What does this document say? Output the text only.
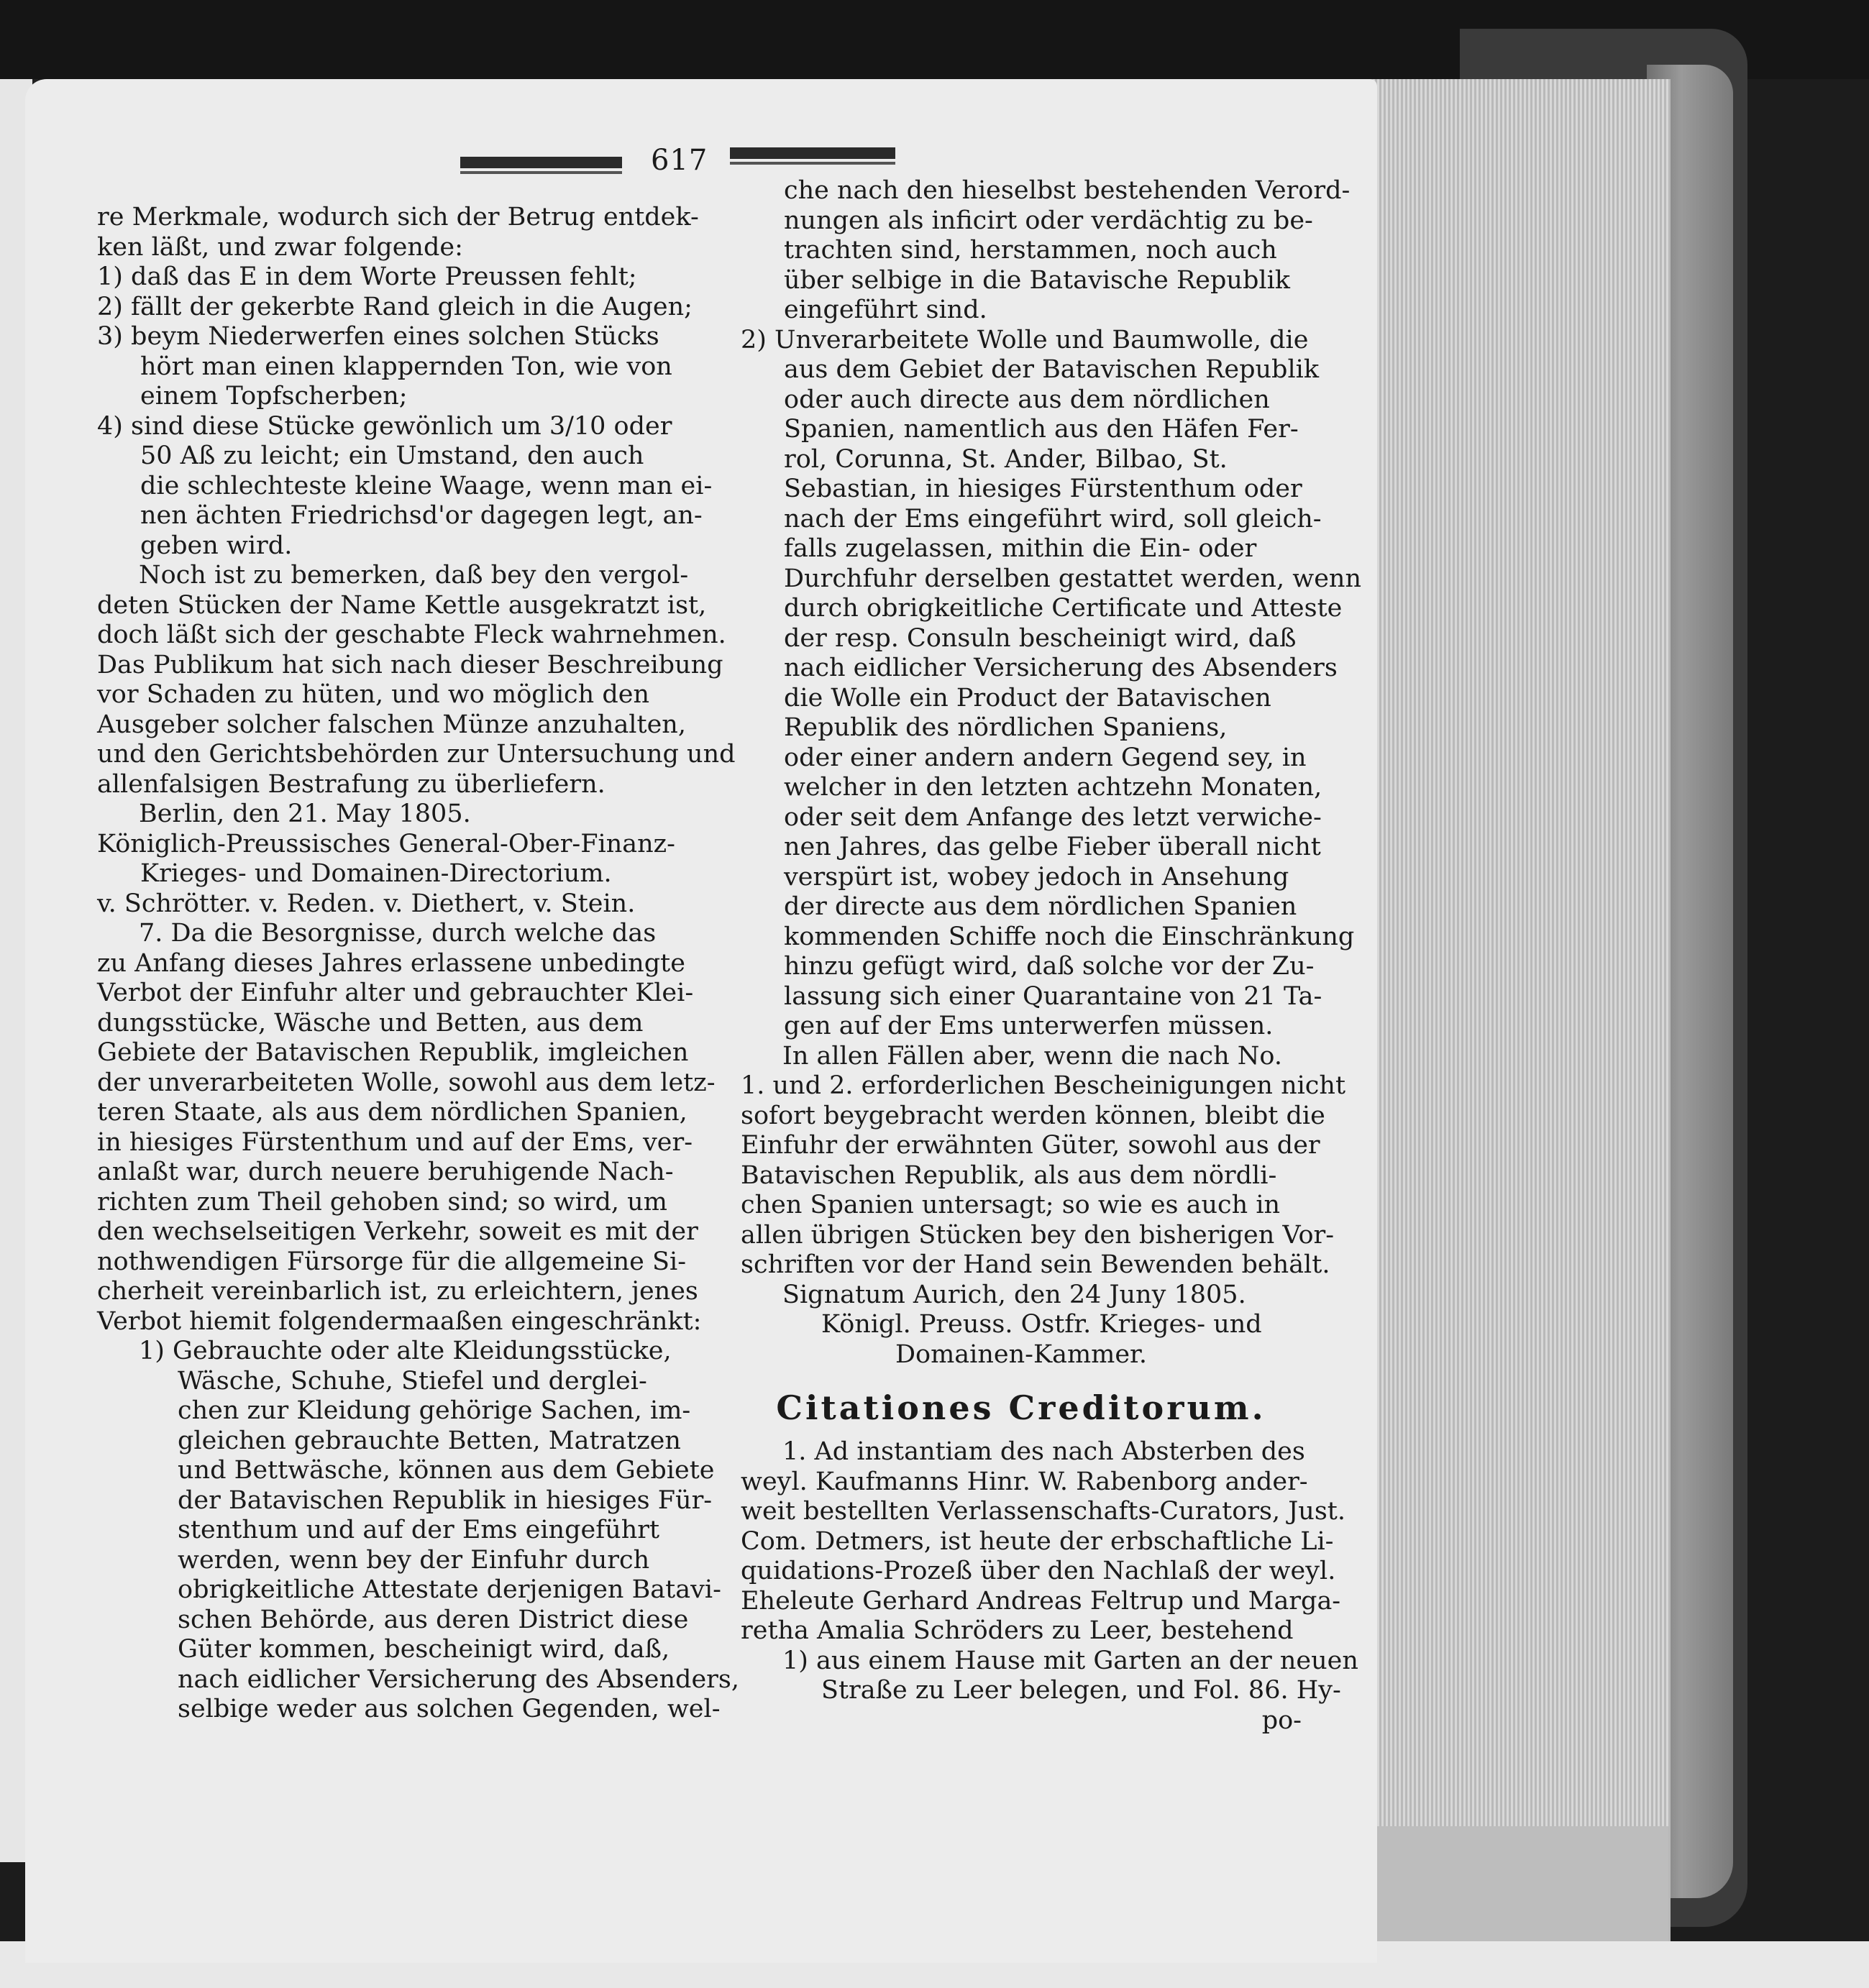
617

re Merkmale, wodurch sich der Betrug entdek-

ken läßt, und zwar folgende:

1) daß das E in dem Worte Preussen fehlt;

2) fällt der gekerbte Rand gleich in die Augen;

3) beym Niederwerfen eines solchen Stücks

hört man einen klappernden Ton, wie von

einem Topfscherben;

4) sind diese Stücke gewönlich um 3/10 oder

50 Aß zu leicht; ein Umstand, den auch

die schlechteste kleine Waage, wenn man ei-

nen ächten Friedrichsd'or dagegen legt, an-

geben wird.

Noch ist zu bemerken, daß bey den vergol-

deten Stücken der Name Kettle ausgekratzt ist,

doch läßt sich der geschabte Fleck wahrnehmen.

Das Publikum hat sich nach dieser Beschreibung

vor Schaden zu hüten, und wo möglich den

Ausgeber solcher falschen Münze anzuhalten,

und den Gerichtsbehörden zur Untersuchung und

allenfalsigen Bestrafung zu überliefern.

Berlin, den 21. May 1805.

Königlich-Preussisches General-Ober-Finanz-

Krieges- und Domainen-Directorium.

v. Schrötter. v. Reden. v. Diethert, v. Stein.

7. Da die Besorgnisse, durch welche das

zu Anfang dieses Jahres erlassene unbedingte

Verbot der Einfuhr alter und gebrauchter Klei-

dungsstücke, Wäsche und Betten, aus dem

Gebiete der Batavischen Republik, imgleichen

der unverarbeiteten Wolle, sowohl aus dem letz-

teren Staate, als aus dem nördlichen Spanien,

in hiesiges Fürstenthum und auf der Ems, ver-

anlaßt war, durch neuere beruhigende Nach-

richten zum Theil gehoben sind; so wird, um

den wechselseitigen Verkehr, soweit es mit der

nothwendigen Fürsorge für die allgemeine Si-

cherheit vereinbarlich ist, zu erleichtern, jenes

Verbot hiemit folgendermaaßen eingeschränkt:

1) Gebrauchte oder alte Kleidungsstücke,

Wäsche, Schuhe, Stiefel und derglei-

chen zur Kleidung gehörige Sachen, im-

gleichen gebrauchte Betten, Matratzen

und Bettwäsche, können aus dem Gebiete

der Batavischen Republik in hiesiges Für-

stenthum und auf der Ems eingeführt

werden, wenn bey der Einfuhr durch

obrigkeitliche Attestate derjenigen Batavi-

schen Behörde, aus deren District diese

Güter kommen, bescheinigt wird, daß,

nach eidlicher Versicherung des Absenders,

selbige weder aus solchen Gegenden, wel-

che nach den hieselbst bestehenden Verord-

nungen als inficirt oder verdächtig zu be-

trachten sind, herstammen, noch auch

über selbige in die Batavische Republik

eingeführt sind.

2) Unverarbeitete Wolle und Baumwolle, die

aus dem Gebiet der Batavischen Republik

oder auch directe aus dem nördlichen

Spanien, namentlich aus den Häfen Fer-

rol, Corunna, St. Ander, Bilbao, St.

Sebastian, in hiesiges Fürstenthum oder

nach der Ems eingeführt wird, soll gleich-

falls zugelassen, mithin die Ein- oder

Durchfuhr derselben gestattet werden, wenn

durch obrigkeitliche Certificate und Atteste

der resp. Consuln bescheinigt wird, daß

nach eidlicher Versicherung des Absenders

die Wolle ein Product der Batavischen

Republik des nördlichen Spaniens,

oder einer andern andern Gegend sey, in

welcher in den letzten achtzehn Monaten,

oder seit dem Anfange des letzt verwiche-

nen Jahres, das gelbe Fieber überall nicht

verspürt ist, wobey jedoch in Ansehung

der directe aus dem nördlichen Spanien

kommenden Schiffe noch die Einschränkung

hinzu gefügt wird, daß solche vor der Zu-

lassung sich einer Quarantaine von 21 Ta-

gen auf der Ems unterwerfen müssen.

In allen Fällen aber, wenn die nach No.

1. und 2. erforderlichen Bescheinigungen nicht

sofort beygebracht werden können, bleibt die

Einfuhr der erwähnten Güter, sowohl aus der

Batavischen Republik, als aus dem nördli-

chen Spanien untersagt; so wie es auch in

allen übrigen Stücken bey den bisherigen Vor-

schriften vor der Hand sein Bewenden behält.

Signatum Aurich, den 24 Juny 1805.

Königl. Preuss. Ostfr. Krieges- und

Domainen-Kammer.

Citationes Creditorum.

1. Ad instantiam des nach Absterben des

weyl. Kaufmanns Hinr. W. Rabenborg ander-

weit bestellten Verlassenschafts-Curators, Just.

Com. Detmers, ist heute der erbschaftliche Li-

quidations-Prozeß über den Nachlaß der weyl.

Eheleute Gerhard Andreas Feltrup und Marga-

retha Amalia Schröders zu Leer, bestehend

1) aus einem Hause mit Garten an der neuen

Straße zu Leer belegen, und Fol. 86. Hy-

po-
